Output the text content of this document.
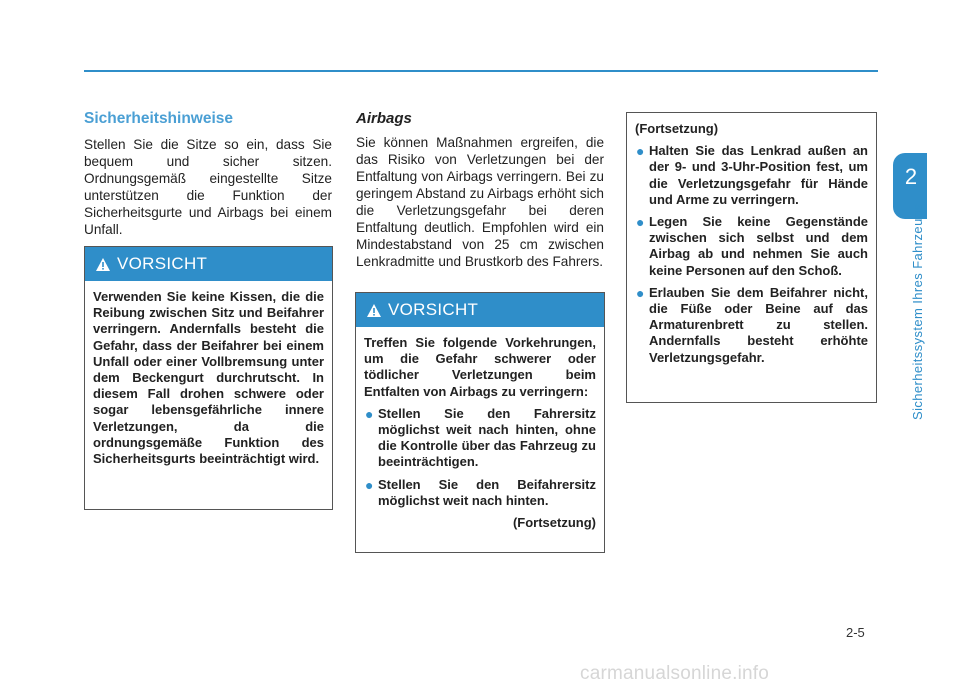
2
Sicherheitssystem Ihres Fahrzeugs
Sicherheitshinweise

Stellen Sie die Sitze so ein, dass Sie bequem und sicher sitzen. Ordnungsgemäß eingestellte Sitze unterstützen die Funktion der Sicherheitsgurte und Airbags bei einem Unfall.

VORSICHT

Verwenden Sie keine Kissen, die die Reibung zwischen Sitz und Beifahrer verringern. Andernfalls besteht die Gefahr, dass der Beifahrer bei einem Unfall oder einer Vollbremsung unter dem Beckengurt durchrutscht. In diesem Fall drohen schwere oder sogar lebensgefährliche innere Verletzungen, da die ordnungsgemäße Funktion des Sicherheitsgurts beeinträchtigt wird.

Airbags

Sie können Maßnahmen ergreifen, die das Risiko von Verletzungen bei der Entfaltung von Airbags verringern. Bei zu geringem Abstand zu Airbags erhöht sich die Verletzungsgefahr bei deren Entfaltung deutlich. Empfohlen wird ein Mindestabstand von 25 cm zwischen Lenkradmitte und Brustkorb des Fahrers.

VORSICHT

Treffen Sie folgende Vorkehrungen, um die Gefahr schwerer oder tödlicher Verletzungen beim Entfalten von Airbags zu verringern:

● Stellen Sie den Fahrersitz möglichst weit nach hinten, ohne die Kontrolle über das Fahrzeug zu beeinträchtigen.
● Stellen Sie den Beifahrersitz möglichst weit nach hinten.
(Fortsetzung)

(Fortsetzung)

● Halten Sie das Lenkrad außen an der 9- und 3-Uhr-Position fest, um die Verletzungsgefahr für Hände und Arme zu verringern.
● Legen Sie keine Gegenstände zwischen sich selbst und dem Airbag ab und nehmen Sie auch keine Personen auf den Schoß.
● Erlauben Sie dem Beifahrer nicht, die Füße oder Beine auf das Armaturenbrett zu stellen. Andernfalls besteht erhöhte Verletzungsgefahr.
2-5
carmanualsonline.info
